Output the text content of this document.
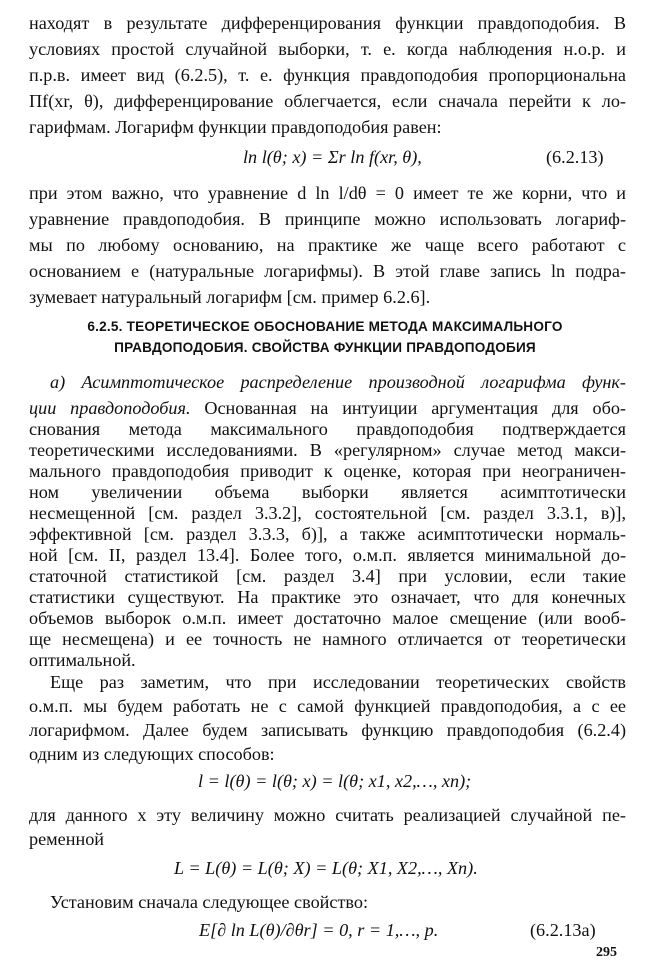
находят в результате дифференцирования функции правдоподобия. В
условиях простой случайной выборки, т. е. когда наблюдения н.о.р. и
п.р.в. имеет вид (6.2.5), т. е. функция правдоподобия пропорциональна
Πf(xr, θ), дифференцирование облегчается, если сначала перейти к ло-
гарифмам. Логарифм функции правдоподобия равен:
ln l(θ; x) = Σr ln f(xr, θ),	(6.2.13)
при этом важно, что уравнение d ln l/dθ = 0 имеет те же корни, что и
уравнение правдоподобия. В принципе можно использовать логариф-
мы по любому основанию, на практике же чаще всего работают с
основанием e (натуральные логарифмы). В этой главе запись ln подра-
зумевает натуральный логарифм [см. пример 6.2.6].
6.2.5. ТЕОРЕТИЧЕСКОЕ ОБОСНОВАНИЕ МЕТОДА МАКСИМАЛЬНОГО
ПРАВДОПОДОБИЯ. СВОЙСТВА ФУНКЦИИ ПРАВДОПОДОБИЯ
а) Асимптотическое распределение производной логарифма функ-
ции правдоподобия. Основанная на интуиции аргументация для обо-
снования метода максимального правдоподобия подтверждается
теоретическими исследованиями. В «регулярном» случае метод макси-
мального правдоподобия приводит к оценке, которая при неограничен-
ном увеличении объема выборки является асимптотически
несмещенной [см. раздел 3.3.2], состоятельной [см. раздел 3.3.1, в)],
эффективной [см. раздел 3.3.3, б)], а также асимптотически нормаль-
ной [см. II, раздел 13.4]. Более того, о.м.п. является минимальной до-
статочной статистикой [см. раздел 3.4] при условии, если такие
статистики существуют. На практике это означает, что для конечных
объемов выборок о.м.п. имеет достаточно малое смещение (или вооб-
ще несмещена) и ее точность не намного отличается от теоретически
оптимальной.
Еще раз заметим, что при исследовании теоретических свойств
о.м.п. мы будем работать не с самой функцией правдоподобия, а с ее
логарифмом. Далее будем записывать функцию правдоподобия (6.2.4)
одним из следующих способов:
l = l(θ) = l(θ; x) = l(θ; x1, x2,…, xn);
для данного x эту величину можно считать реализацией случайной пе-
ременной
L = L(θ) = L(θ; X) = L(θ; X1, X2,…, Xn).
Установим сначала следующее свойство:
E[∂ ln L(θ)/∂θr] = 0, r = 1,…, p.	(6.2.13a)
295
